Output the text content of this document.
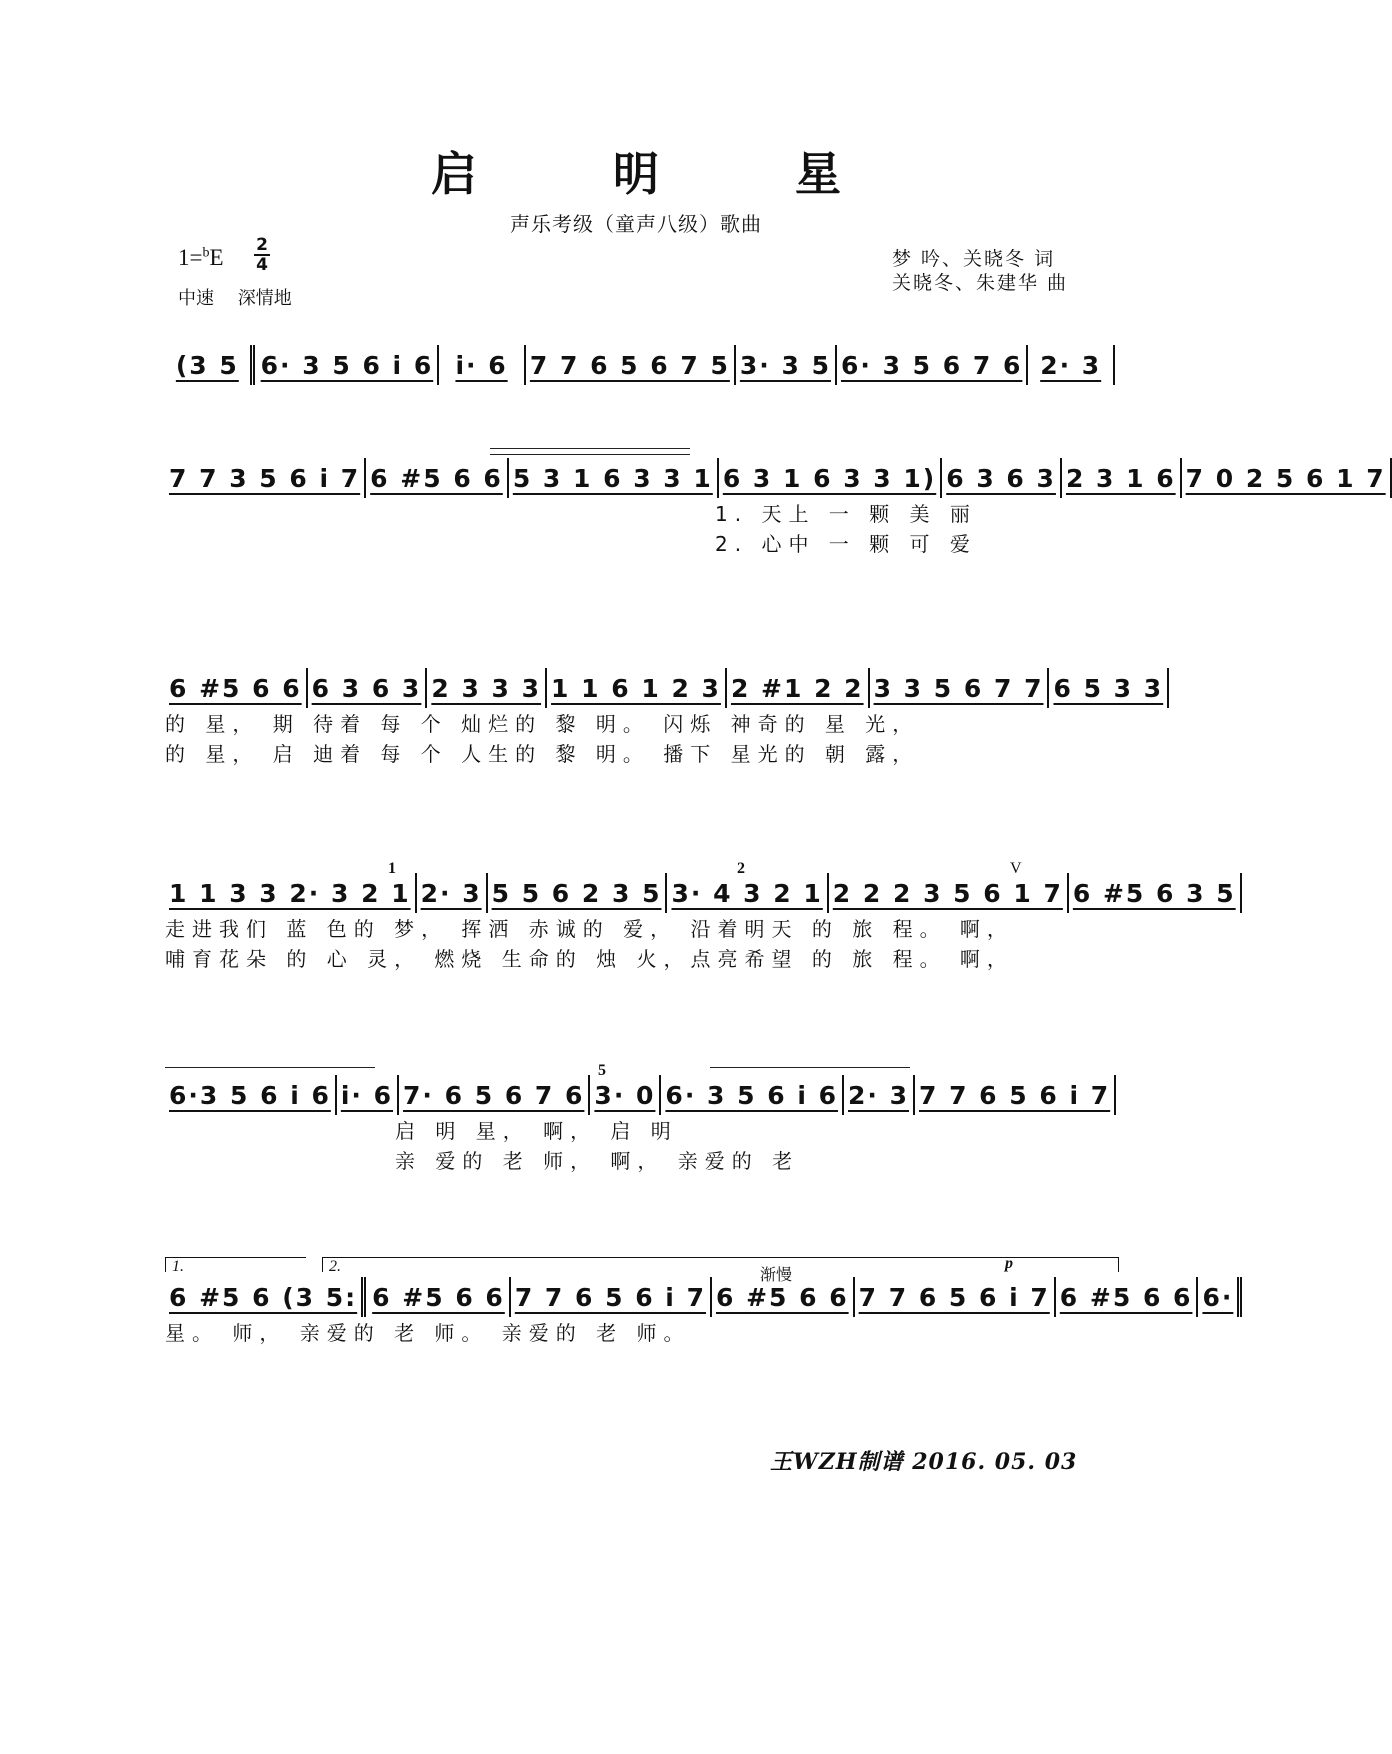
启 明 星
声乐考级（童声八级）歌曲
1=$^b$E 2
4
中速 深情地
梦 吟、关晓冬 词
关晓冬、朱建华 曲
(3 5 6· 3 5 6 i 6 i· 6 7 7 6 5 6 7 5 3· 3 5 6· 3 5 6 7 6 2· 3
7 7 3 5 6 i 7 6 #5 6 6 5 3 1 6 3 3 1 6 3 1 6 3 3 1) 6 3 6 3 2 3 1 6 7 0 2 5 6 1 7
1. 天上 一 颗 美 丽
2. 心中 一 颗 可 爱
6 #5 6 6 6 3 6 3 2 3 3 3 1 1 6 1 2 3 2 #1 2 2 3 3 5 6 7 7 6 5 3 3
的 星， 期 待着 每 个 灿烂的 黎 明。 闪烁 神奇的 星 光，
的 星， 启 迪着 每 个 人生的 黎 明。 播下 星光的 朝 露，
1	2	V
1 1 3 3 2· 3 2 1 2· 3 5 5 6 2 3 5 3· 4 3 2 1 2 2 2 3 5 6 1 7 6 #5 6 3 5
走进我们 蓝 色的 梦， 挥洒 赤诚的 爱， 沿着明天 的 旅 程。 啊，
哺育花朵 的 心 灵， 燃烧 生命的 烛 火，点亮希望 的 旅 程。 啊，
5
6·3 5 6 i 6 i· 6 7· 6 5 6 7 6 3· 0 6· 3 5 6 i 6 2· 3 7 7 6 5 6 i 7
启 明 星， 啊， 启 明
亲 爱的 老 师， 啊， 亲爱的 老
1.	2.	渐慢
p
6 #5 6 (3 5: 6 #5 6 6 7 7 6 5 6 i 7 6 #5 6 6 7 7 6 5 6 i 7 6 #5 6 6 6·
星。 师， 亲爱的 老 师。 亲爱的 老 师。
王WZH制谱 2016. 05. 03
